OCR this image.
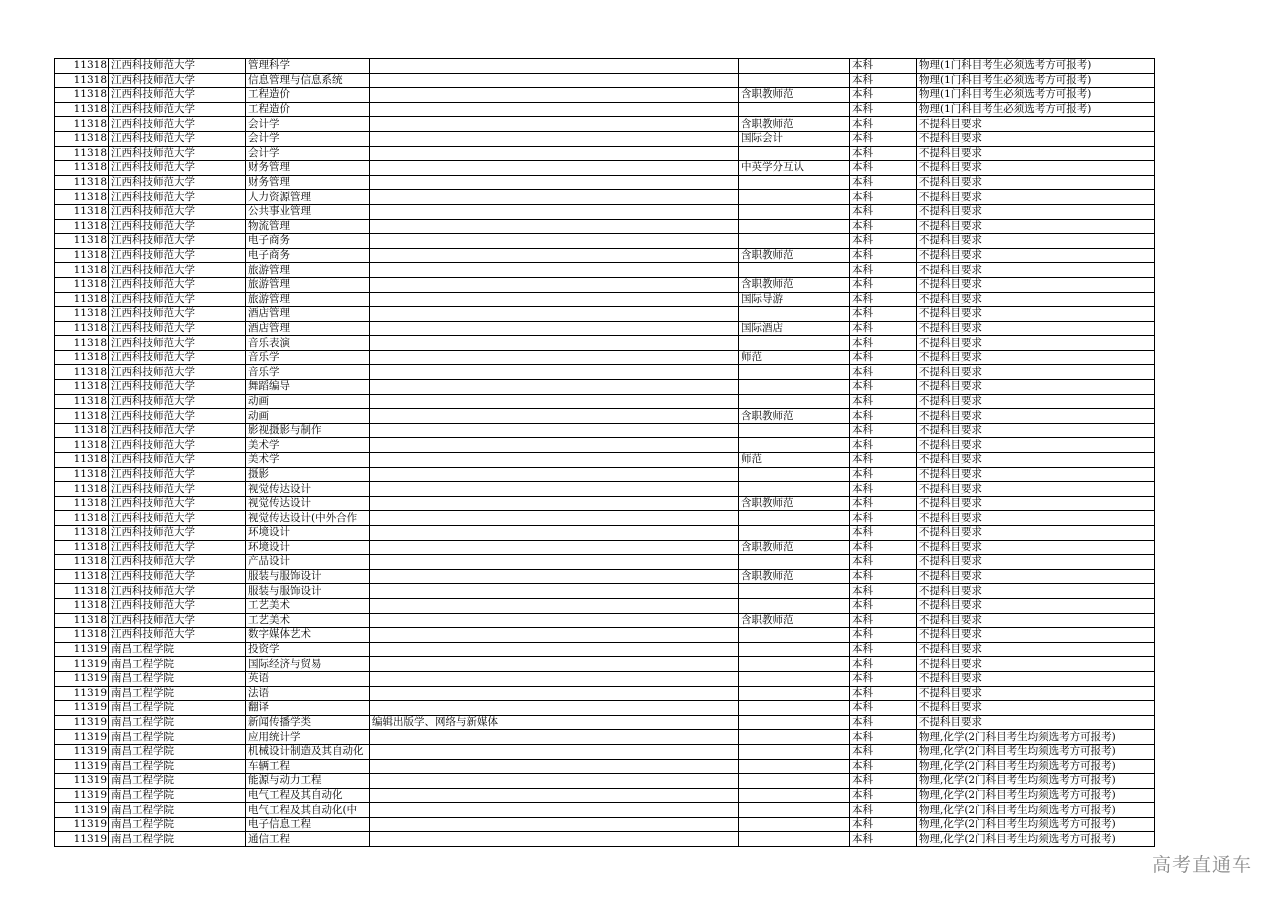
11318	江西科技师范大学	管理科学			本科	物理(1门科目考生必须选考方可报考)
11318	江西科技师范大学	信息管理与信息系统			本科	物理(1门科目考生必须选考方可报考)
11318	江西科技师范大学	工程造价		含职教师范	本科	物理(1门科目考生必须选考方可报考)
11318	江西科技师范大学	工程造价			本科	物理(1门科目考生必须选考方可报考)
11318	江西科技师范大学	会计学		含职教师范	本科	不提科目要求
11318	江西科技师范大学	会计学		国际会计	本科	不提科目要求
11318	江西科技师范大学	会计学			本科	不提科目要求
11318	江西科技师范大学	财务管理		中英学分互认	本科	不提科目要求
11318	江西科技师范大学	财务管理			本科	不提科目要求
11318	江西科技师范大学	人力资源管理			本科	不提科目要求
11318	江西科技师范大学	公共事业管理			本科	不提科目要求
11318	江西科技师范大学	物流管理			本科	不提科目要求
11318	江西科技师范大学	电子商务			本科	不提科目要求
11318	江西科技师范大学	电子商务		含职教师范	本科	不提科目要求
11318	江西科技师范大学	旅游管理			本科	不提科目要求
11318	江西科技师范大学	旅游管理		含职教师范	本科	不提科目要求
11318	江西科技师范大学	旅游管理		国际导游	本科	不提科目要求
11318	江西科技师范大学	酒店管理			本科	不提科目要求
11318	江西科技师范大学	酒店管理		国际酒店	本科	不提科目要求
11318	江西科技师范大学	音乐表演			本科	不提科目要求
11318	江西科技师范大学	音乐学		师范	本科	不提科目要求
11318	江西科技师范大学	音乐学			本科	不提科目要求
11318	江西科技师范大学	舞蹈编导			本科	不提科目要求
11318	江西科技师范大学	动画			本科	不提科目要求
11318	江西科技师范大学	动画		含职教师范	本科	不提科目要求
11318	江西科技师范大学	影视摄影与制作			本科	不提科目要求
11318	江西科技师范大学	美术学			本科	不提科目要求
11318	江西科技师范大学	美术学		师范	本科	不提科目要求
11318	江西科技师范大学	摄影			本科	不提科目要求
11318	江西科技师范大学	视觉传达设计			本科	不提科目要求
11318	江西科技师范大学	视觉传达设计		含职教师范	本科	不提科目要求
11318	江西科技师范大学	视觉传达设计(中外合作			本科	不提科目要求
11318	江西科技师范大学	环境设计			本科	不提科目要求
11318	江西科技师范大学	环境设计		含职教师范	本科	不提科目要求
11318	江西科技师范大学	产品设计			本科	不提科目要求
11318	江西科技师范大学	服装与服饰设计		含职教师范	本科	不提科目要求
11318	江西科技师范大学	服装与服饰设计			本科	不提科目要求
11318	江西科技师范大学	工艺美术			本科	不提科目要求
11318	江西科技师范大学	工艺美术		含职教师范	本科	不提科目要求
11318	江西科技师范大学	数字媒体艺术			本科	不提科目要求
11319	南昌工程学院	投资学			本科	不提科目要求
11319	南昌工程学院	国际经济与贸易			本科	不提科目要求
11319	南昌工程学院	英语			本科	不提科目要求
11319	南昌工程学院	法语			本科	不提科目要求
11319	南昌工程学院	翻译			本科	不提科目要求
11319	南昌工程学院	新闻传播学类	编辑出版学、网络与新媒体		本科	不提科目要求
11319	南昌工程学院	应用统计学			本科	物理,化学(2门科目考生均须选考方可报考)
11319	南昌工程学院	机械设计制造及其自动化			本科	物理,化学(2门科目考生均须选考方可报考)
11319	南昌工程学院	车辆工程			本科	物理,化学(2门科目考生均须选考方可报考)
11319	南昌工程学院	能源与动力工程			本科	物理,化学(2门科目考生均须选考方可报考)
11319	南昌工程学院	电气工程及其自动化			本科	物理,化学(2门科目考生均须选考方可报考)
11319	南昌工程学院	电气工程及其自动化(中			本科	物理,化学(2门科目考生均须选考方可报考)
11319	南昌工程学院	电子信息工程			本科	物理,化学(2门科目考生均须选考方可报考)
11319	南昌工程学院	通信工程			本科	物理,化学(2门科目考生均须选考方可报考)
高考直通车
